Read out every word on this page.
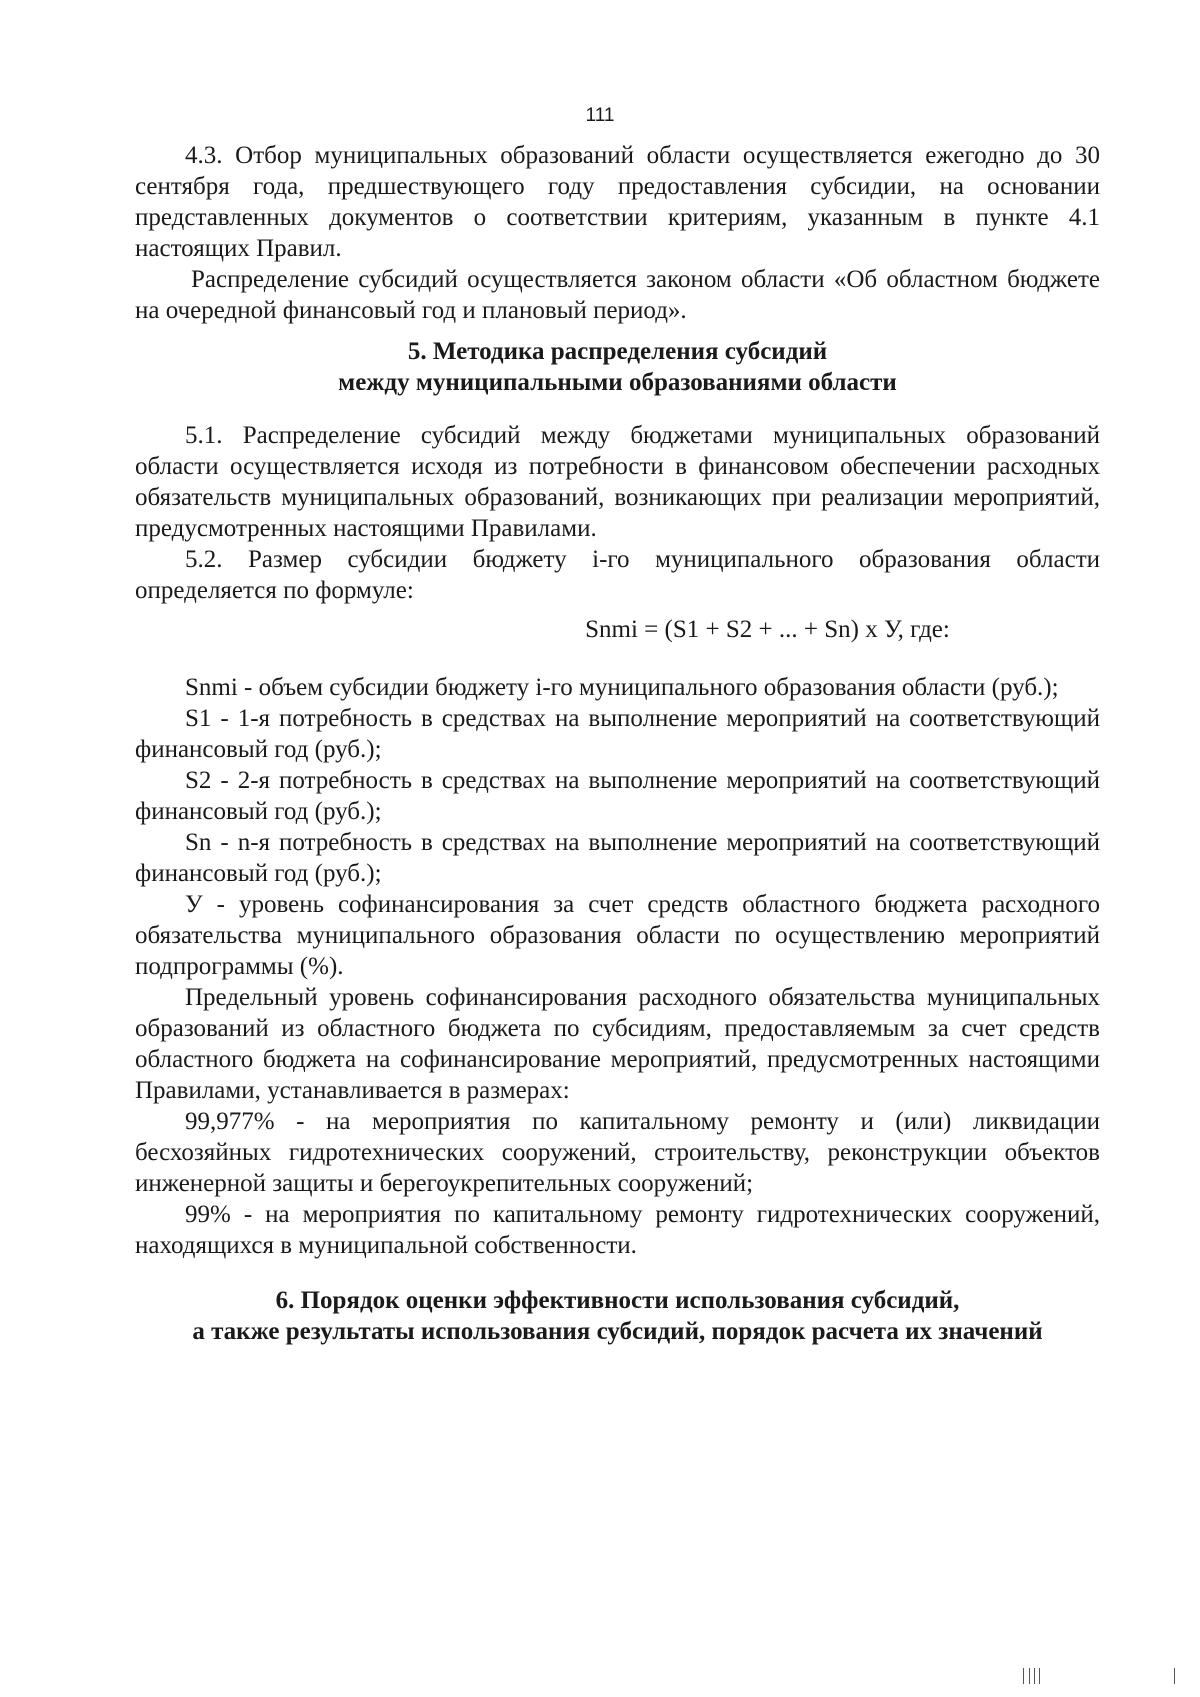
111

4.3. Отбор муниципальных образований области осуществляется ежегодно до 30 сентября года, предшествующего году предоставления субсидии, на основании представленных документов о соответствии критериям, указанным в пункте 4.1 настоящих Правил.

Распределение субсидий осуществляется законом области «Об областном бюджете на очередной финансовый год и плановый период».

5. Методика распределения субсидий
между муниципальными образованиями области

5.1. Распределение субсидий между бюджетами муниципальных образований области осуществляется исходя из потребности в финансовом обеспечении расходных обязательств муниципальных образований, возникающих при реализации мероприятий, предусмотренных настоящими Правилами.

5.2. Размер субсидии бюджету i-го муниципального образования области определяется по формуле:

Snmi = (S1 + S2 + ... + Sn) x У, где:

Snmi - объем субсидии бюджету i-го муниципального образования области (руб.);

S1 - 1-я потребность в средствах на выполнение мероприятий на соответствующий финансовый год (руб.);

S2 - 2-я потребность в средствах на выполнение мероприятий на соответствующий финансовый год (руб.);

Sn - n-я потребность в средствах на выполнение мероприятий на соответствующий финансовый год (руб.);

У - уровень софинансирования за счет средств областного бюджета расходного обязательства муниципального образования области по осуществлению мероприятий подпрограммы (%).

Предельный уровень софинансирования расходного обязательства муниципальных образований из областного бюджета по субсидиям, предоставляемым за счет средств областного бюджета на софинансирование мероприятий, предусмотренных настоящими Правилами, устанавливается в размерах:

99,977% - на мероприятия по капитальному ремонту и (или) ликвидации бесхозяйных гидротехнических сооружений, строительству, реконструкции объектов инженерной защиты и берегоукрепительных сооружений;

99% - на мероприятия по капитальному ремонту гидротехнических сооружений, находящихся в муниципальной собственности.

6. Порядок оценки эффективности использования субсидий,
а также результаты использования субсидий, порядок расчета их значений
